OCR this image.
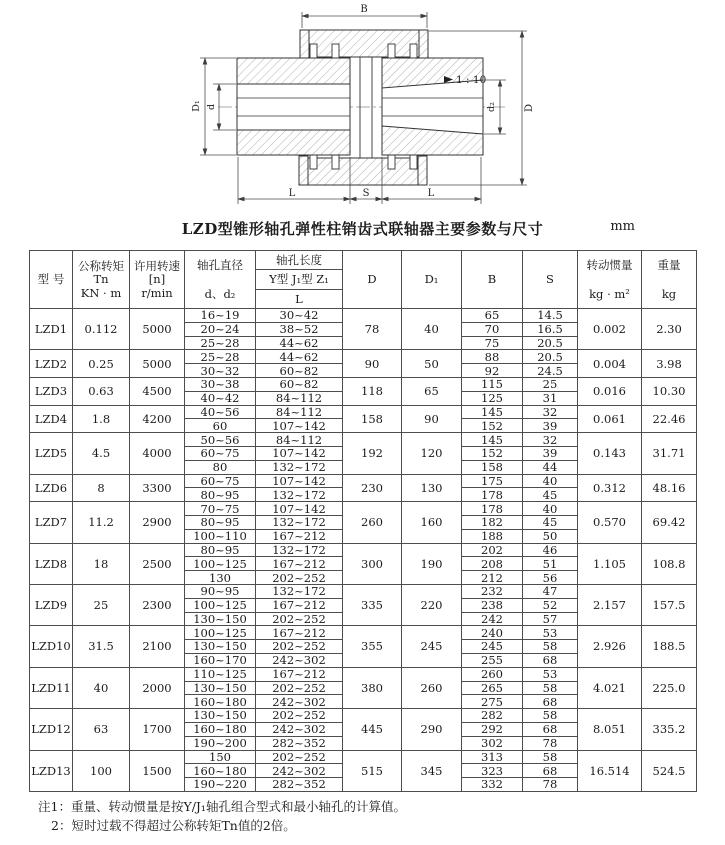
1 : 10
B
D
d₂
D₁ d
L	S	L
LZD型锥形轴孔弹性柱销齿式联轴器主要参数与尺寸	mm
型 号	
公称转矩
Tn
KN · m

许用转速
[n]
r/min

轴孔直径
d、d₂

轴孔长度
Y型 J₁型 Z₁
L
	D	D₁	B	S	
转动惯量
kg · m²

重量
kg

LZD1	0.112	5000	16~19	30~42	78	40	65	14.5	0.002	2.30
			20~24	38~52			70	16.5		
			25~28	44~62			75	20.5		
LZD2	0.25	5000	25~28	44~62	90	50	88	20.5	0.004	3.98
			30~32	60~82			92	24.5		
LZD3	0.63	4500	30~38	60~82	118	65	115	25	0.016	10.30
			40~42	84~112			125	31		
LZD4	1.8	4200	40~56	84~112	158	90	145	32	0.061	22.46
			60	107~142			152	39		
LZD5	4.5	4000	50~56	84~112	192	120	145	32	0.143	31.71
			60~75	107~142			152	39		
			80	132~172			158	44		
LZD6	8	3300	60~75	107~142	230	130	175	40	0.312	48.16
			80~95	132~172			178	45		
LZD7	11.2	2900	70~75	107~142	260	160	178	40	0.570	69.42
			80~95	132~172			182	45		
			100~110	167~212			188	50		
LZD8	18	2500	80~95	132~172	300	190	202	46	1.105	108.8
			100~125	167~212			208	51		
			130	202~252			212	56		
LZD9	25	2300	90~95	132~172	335	220	232	47	2.157	157.5
			100~125	167~212			238	52		
			130~150	202~252			242	57		
LZD10	31.5	2100	100~125	167~212	355	245	240	53	2.926	188.5
			130~150	202~252			245	58		
			160~170	242~302			255	68		
LZD11	40	2000	110~125	167~212	380	260	260	53	4.021	225.0
			130~150	202~252			265	58		
			160~180	242~302			275	68		
LZD12	63	1700	130~150	202~252	445	290	282	58	8.051	335.2
			160~180	242~302			292	68		
			190~200	282~352			302	78		
LZD13	100	1500	150	202~252	515	345	313	58	16.514	524.5
			160~180	242~302			323	68		
			190~220	282~352			332	78		
注1：重量、转动惯量是按Y/J₁轴孔组合型式和最小轴孔的计算值。
2：短时过载不得超过公称转矩Tn值的2倍。
